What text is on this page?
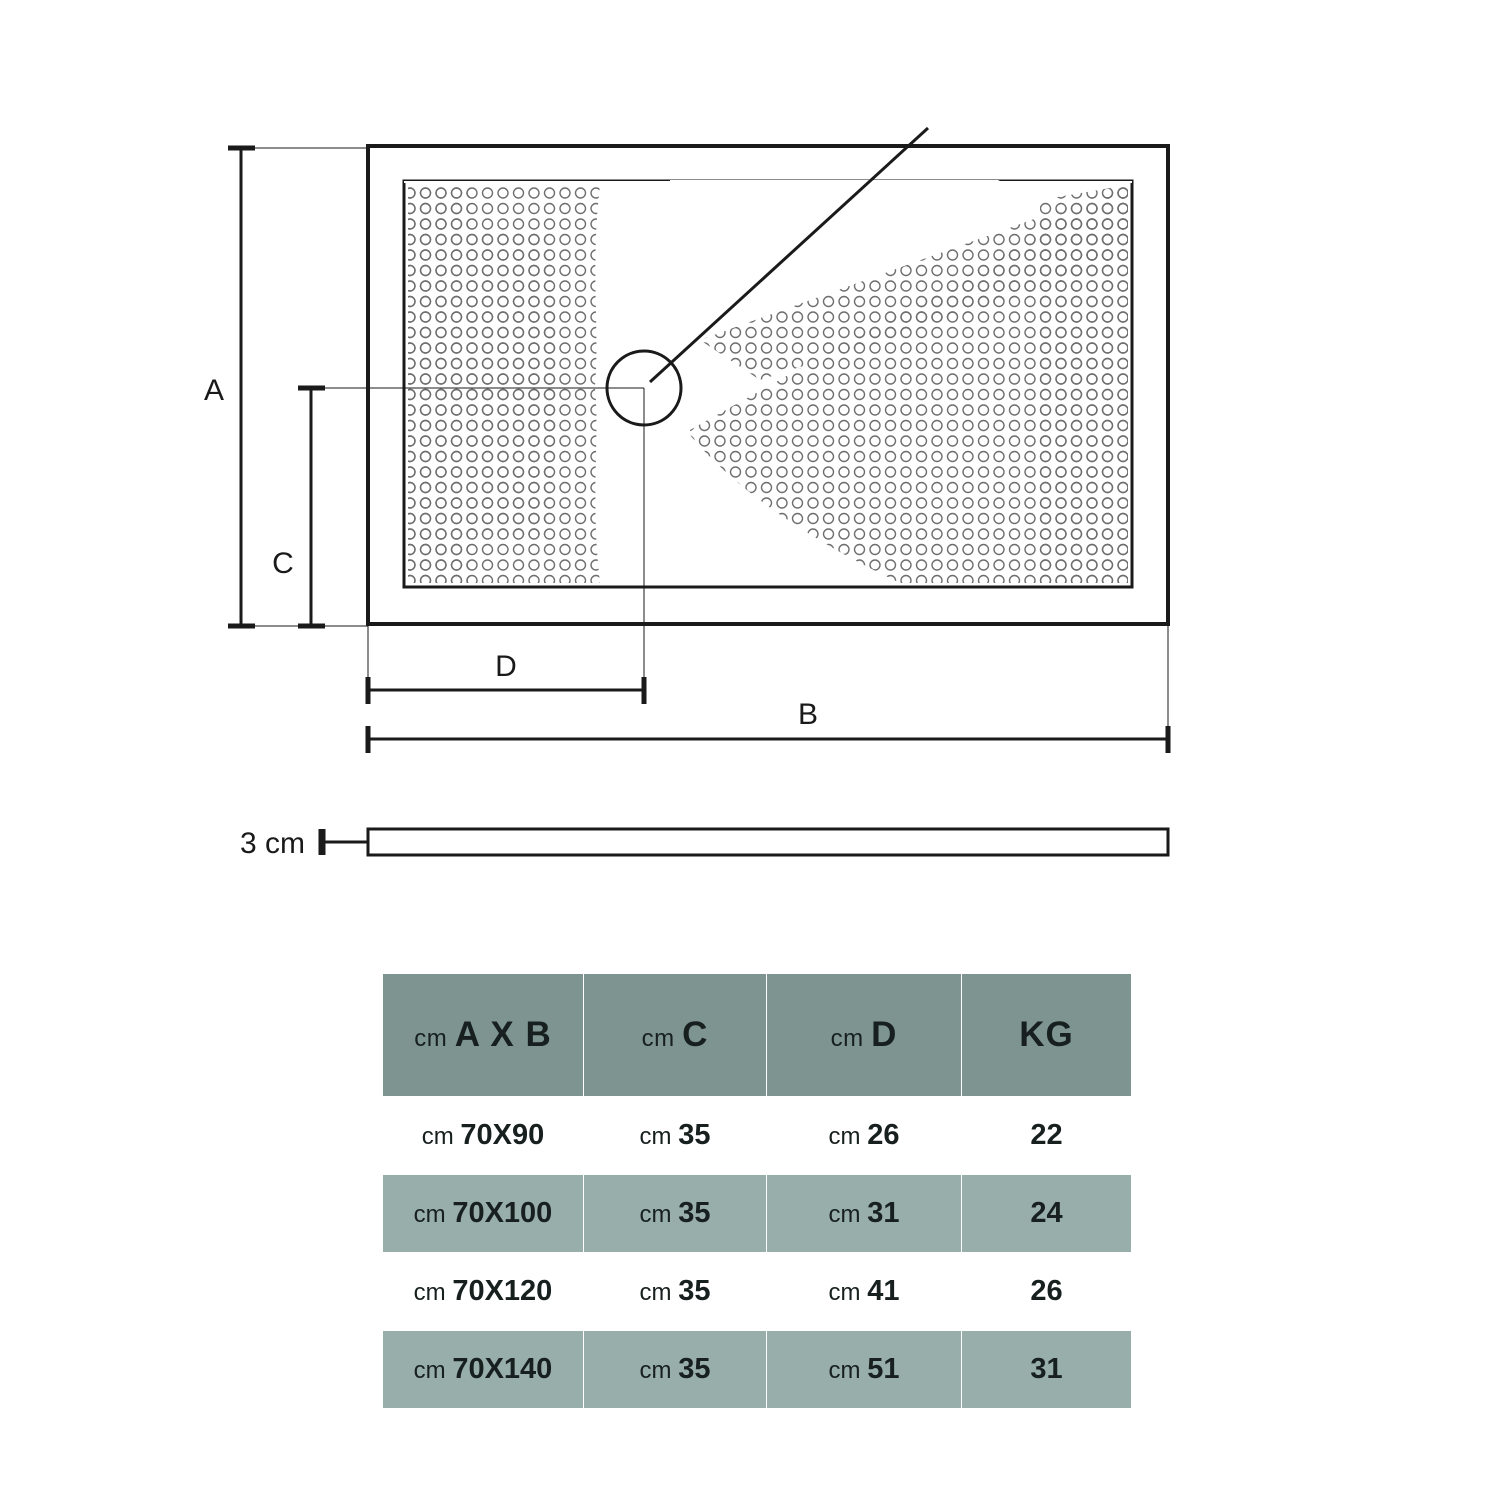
A
C
D
B
3 cm
cm A X B	cm C	cm D	KG
cm 70X90	cm 35	cm 26	22
cm 70X100	cm 35	cm 31	24
cm 70X120	cm 35	cm 41	26
cm 70X140	cm 35	cm 51	31
